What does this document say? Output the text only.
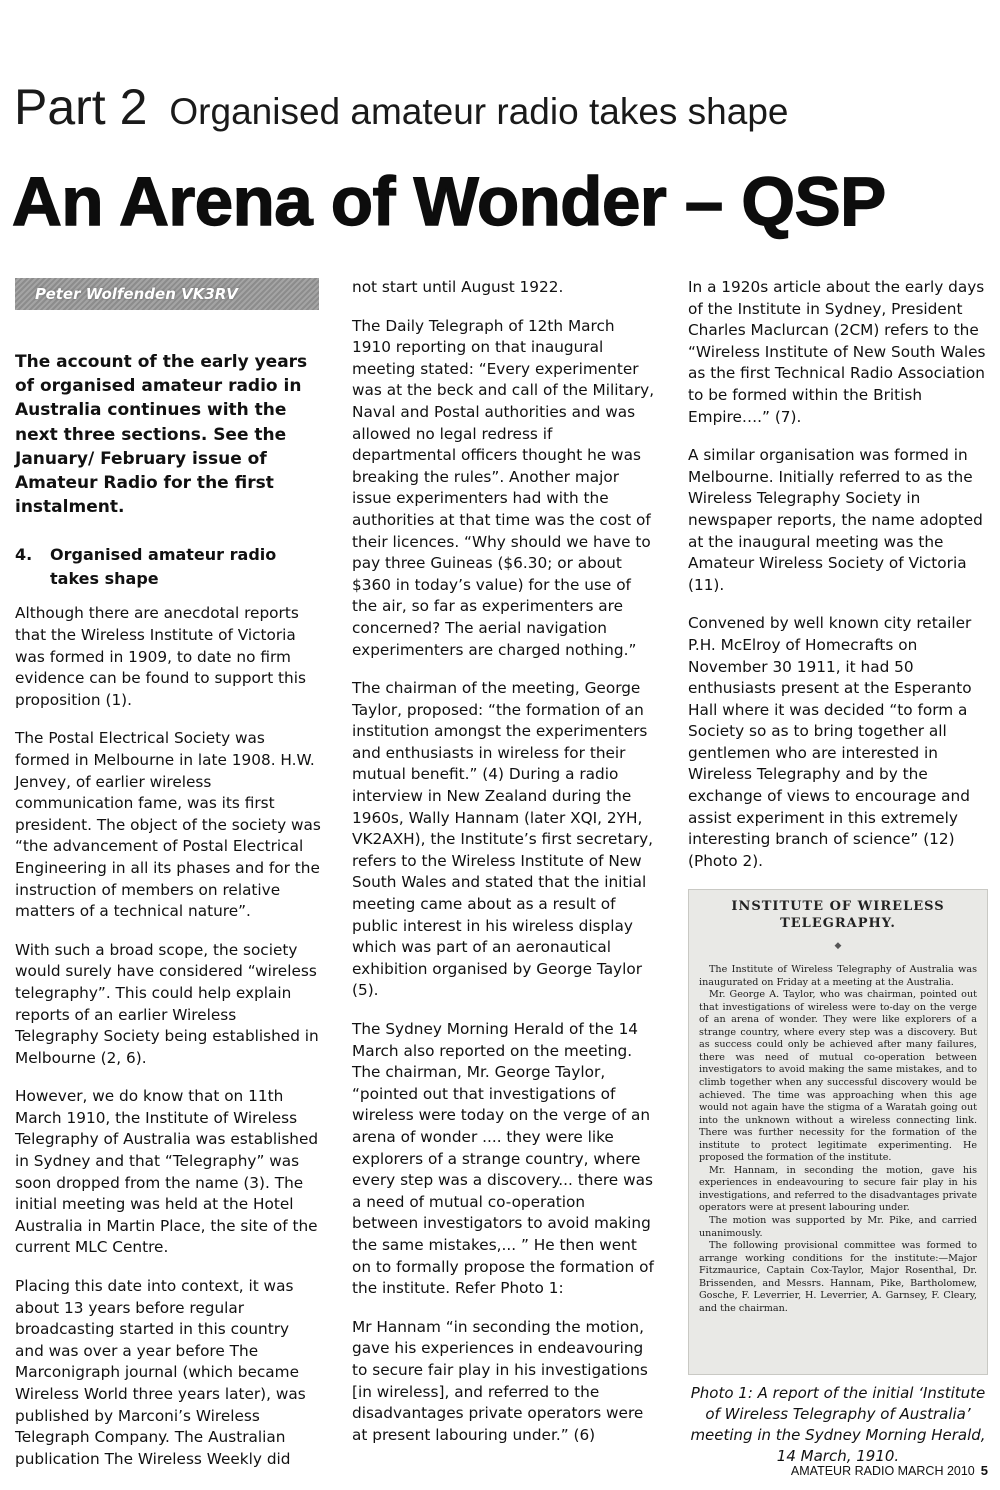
Part 2 Organised amateur radio takes shape
An Arena of Wonder – QSP
Peter Wolfenden VK3RV
The account of the early years of organised amateur radio in Australia continues with the next three sections. See the January/ February issue of Amateur Radio for the first instalment.
4.	Organised amateur radio takes shape

Although there are anecdotal reports that the Wireless Institute of Victoria was formed in 1909, to date no firm evidence can be found to support this proposition (1).

The Postal Electrical Society was formed in Melbourne in late 1908. H.W. Jenvey, of earlier wireless communication fame, was its first president. The object of the society was “the advancement of Postal Electrical Engineering in all its phases and for the instruction of members on relative matters of a technical nature”.

With such a broad scope, the society would surely have considered “wireless telegraphy”. This could help explain reports of an earlier Wireless Telegraphy Society being established in Melbourne (2, 6).

However, we do know that on 11th March 1910, the Institute of Wireless Telegraphy of Australia was established in Sydney and that “Telegraphy” was soon dropped from the name (3). The initial meeting was held at the Hotel Australia in Martin Place, the site of the current MLC Centre.

Placing this date into context, it was about 13 years before regular broadcasting started in this country and was over a year before The Marconigraph journal (which became Wireless World three years later), was published by Marconi’s Wireless Telegraph Company. The Australian publication The Wireless Weekly did

not start until August 1922.

The Daily Telegraph of 12th March 1910 reporting on that inaugural meeting stated: “Every experimenter was at the beck and call of the Military, Naval and Postal authorities and was allowed no legal redress if departmental officers thought he was breaking the rules”. Another major issue experimenters had with the authorities at that time was the cost of their licences. “Why should we have to pay three Guineas ($6.30; or about $360 in today’s value) for the use of the air, so far as experimenters are concerned? The aerial navigation experimenters are charged nothing.”

The chairman of the meeting, George Taylor, proposed: “the formation of an institution amongst the experimenters and enthusiasts in wireless for their mutual benefit.” (4) During a radio interview in New Zealand during the 1960s, Wally Hannam (later XQI, 2YH, VK2AXH), the Institute’s first secretary, refers to the Wireless Institute of New South Wales and stated that the initial meeting came about as a result of public interest in his wireless display which was part of an aeronautical exhibition organised by George Taylor (5).

The Sydney Morning Herald of the 14 March also reported on the meeting. The chairman, Mr. George Taylor, “pointed out that investigations of wireless were today on the verge of an arena of wonder .... they were like explorers of a strange country, where every step was a discovery... there was a need of mutual co-operation between investigators to avoid making the same mistakes,... ” He then went on to formally propose the formation of the institute. Refer Photo 1:

Mr Hannam “in seconding the motion, gave his experiences in endeavouring to secure fair play in his investigations [in wireless], and referred to the disadvantages private operators were at present labouring under.” (6)

In a 1920s article about the early days of the Institute in Sydney, President Charles Maclurcan (2CM) refers to the “Wireless Institute of New South Wales as the first Technical Radio Association to be formed within the British Empire….” (7).

A similar organisation was formed in Melbourne. Initially referred to as the Wireless Telegraphy Society in newspaper reports, the name adopted at the inaugural meeting was the Amateur Wireless Society of Victoria (11).

Convened by well known city retailer P.H. McElroy of Homecrafts on November 30 1911, it had 50 enthusiasts present at the Esperanto Hall where it was decided “to form a Society so as to bring together all gentlemen who are interested in Wireless Telegraphy and by the exchange of views to encourage and assist experiment in this extremely interesting branch of science” (12) (Photo 2).

INSTITUTE OF WIRELESS
TELEGRAPHY.
◆
The Institute of Wireless Telegraphy of Australia was inaugurated on Friday at a meeting at the Australia.
Mr. George A. Taylor, who was chairman, pointed out that investigations of wireless were to-day on the verge of an arena of wonder. They were like explorers of a strange country, where every step was a discovery. But as success could only be achieved after many failures, there was need of mutual co-operation between investigators to avoid making the same mistakes, and to climb together when any successful discovery would be achieved. The time was approaching when this age would not again have the stigma of a Waratah going out into the unknown without a wireless connecting link. There was further necessity for the formation of the institute to protect legitimate experimenting. He proposed the formation of the institute.
Mr. Hannam, in seconding the motion, gave his experiences in endeavouring to secure fair play in his investigations, and referred to the disadvantages private operators were at present labouring under.
The motion was supported by Mr. Pike, and carried unanimously.
The following provisional committee was formed to arrange working conditions for the institute:—Major Fitzmaurice, Captain Cox-Taylor, Major Rosenthal, Dr. Brissenden, and Messrs. Hannam, Pike, Bartholomew, Gosche, F. Leverrier, H. Leverrier, A. Garnsey, F. Cleary, and the chairman.
Photo 1: A report of the initial ‘Institute of Wireless Telegraphy of Australia’ meeting in the Sydney Morning Herald, 14 March, 1910.
AMATEUR RADIO MARCH 2010 5
